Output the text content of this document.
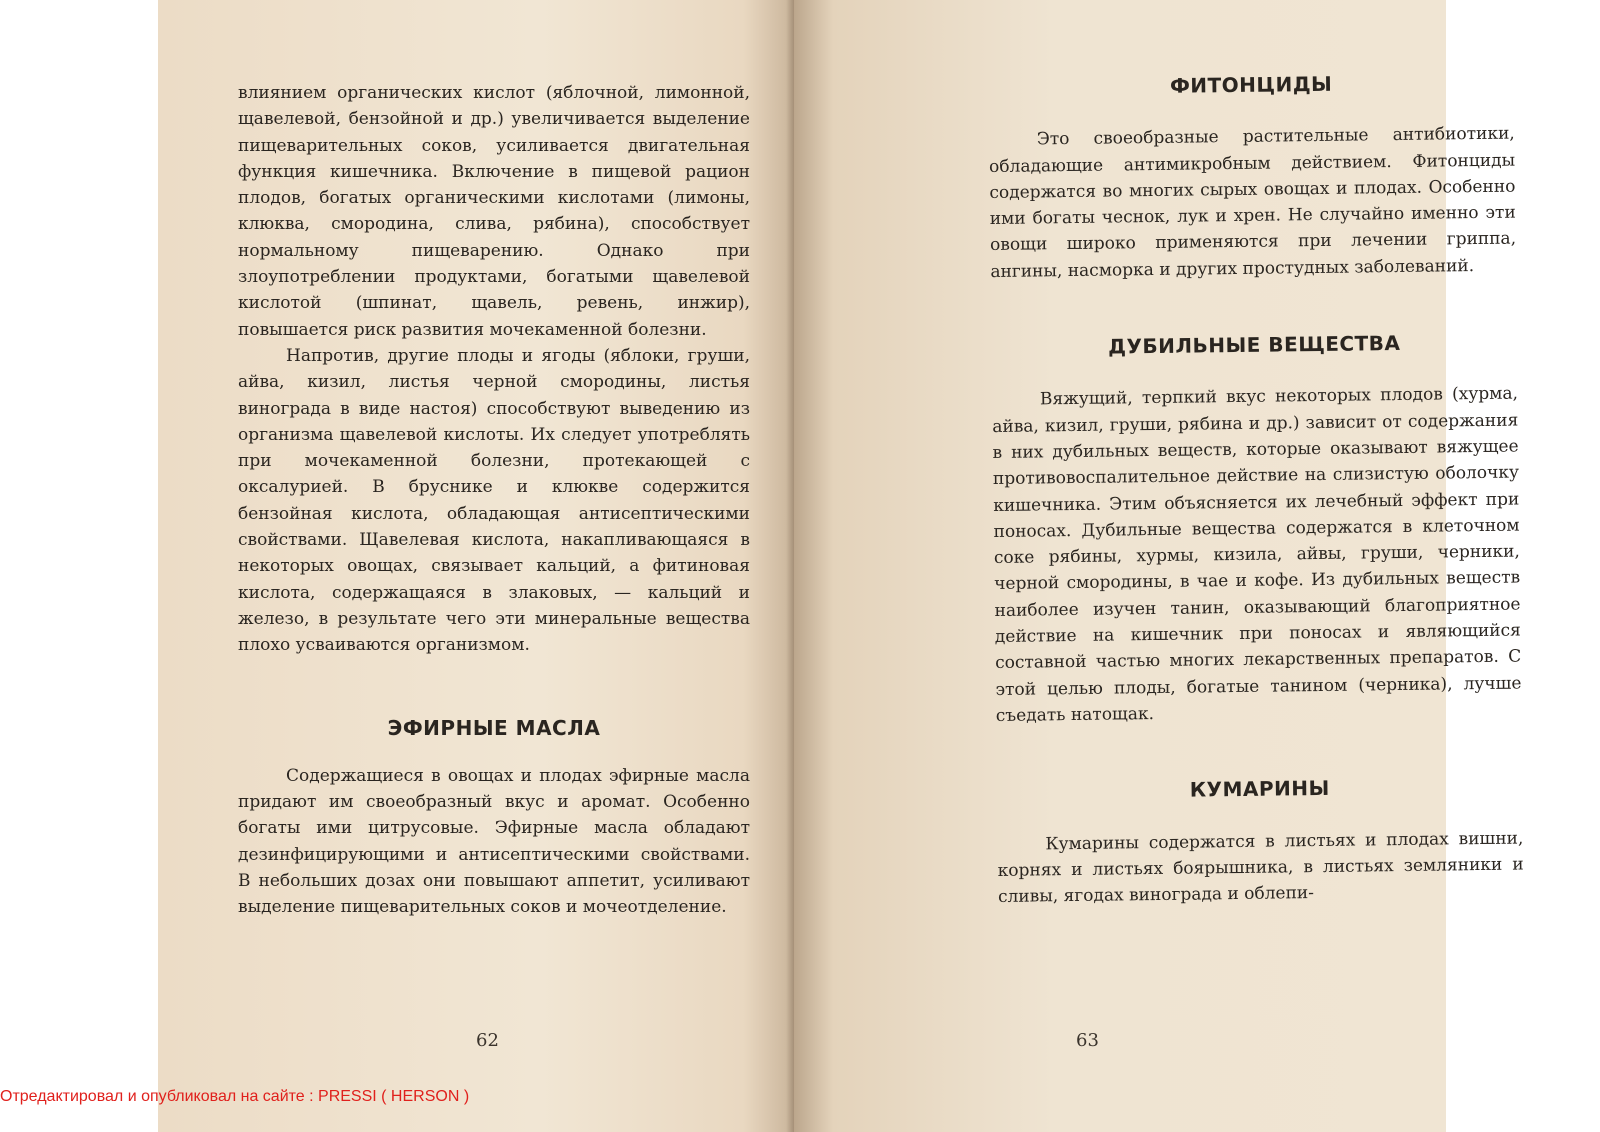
влиянием органических кислот (яблочной, лимонной, щавелевой, бензойной и др.) увеличивается выделение пищеварительных соков, усиливается двигательная функция кишечника. Включение в пищевой рацион плодов, богатых органическими кислотами (лимоны, клюква, смородина, слива, рябина), способствует нормальному пищеварению. Однако при злоупотреблении продуктами, богатыми щавелевой кислотой (шпинат, щавель, ревень, инжир), повышается риск развития мочекаменной болезни.

Напротив, другие плоды и ягоды (яблоки, груши, айва, кизил, листья черной смородины, листья винограда в виде настоя) способствуют выведению из организма щавелевой кислоты. Их следует употреблять при мочекаменной болезни, протекающей с оксалурией. В бруснике и клюкве содержится бензойная кислота, обладающая антисептическими свойствами. Щавелевая кислота, накапливающаяся в некоторых овощах, связывает кальций, а фитиновая кислота, содержащаяся в злаковых, — кальций и железо, в результате чего эти минеральные вещества плохо усваиваются организмом.

ЭФИРНЫЕ МАСЛА

Содержащиеся в овощах и плодах эфирные масла придают им своеобразный вкус и аромат. Особенно богаты ими цитрусовые. Эфирные масла обладают дезинфицирующими и антисептическими свойствами. В небольших дозах они повышают аппетит, усиливают выделение пищеварительных соков и мочеотделение.

62
ФИТОНЦИДЫ

Это своеобразные растительные антибиотики, обладающие антимикробным действием. Фитонциды содержатся во многих сырых овощах и плодах. Особенно ими богаты чеснок, лук и хрен. Не случайно именно эти овощи широко применяются при лечении гриппа, ангины, насморка и других простудных заболеваний.

ДУБИЛЬНЫЕ ВЕЩЕСТВА

Вяжущий, терпкий вкус некоторых плодов (хурма, айва, кизил, груши, рябина и др.) зависит от содержания в них дубильных веществ, которые оказывают вяжущее противовоспалительное действие на слизистую оболочку кишечника. Этим объясняется их лечебный эффект при поносах. Дубильные вещества содержатся в клеточном соке рябины, хурмы, кизила, айвы, груши, черники, черной смородины, в чае и кофе. Из дубильных веществ наиболее изучен танин, оказывающий благоприятное действие на кишечник при поносах и являющийся составной частью многих лекарственных препаратов. С этой целью плоды, богатые танином (черника), лучше съедать натощак.

КУМАРИНЫ

Кумарины содержатся в листьях и плодах вишни, корнях и листьях боярышника, в листьях земляники и сливы, ягодах винограда и облепи-

63
Отредактировал и опубликовал на сайте : PRESSI ( HERSON )
